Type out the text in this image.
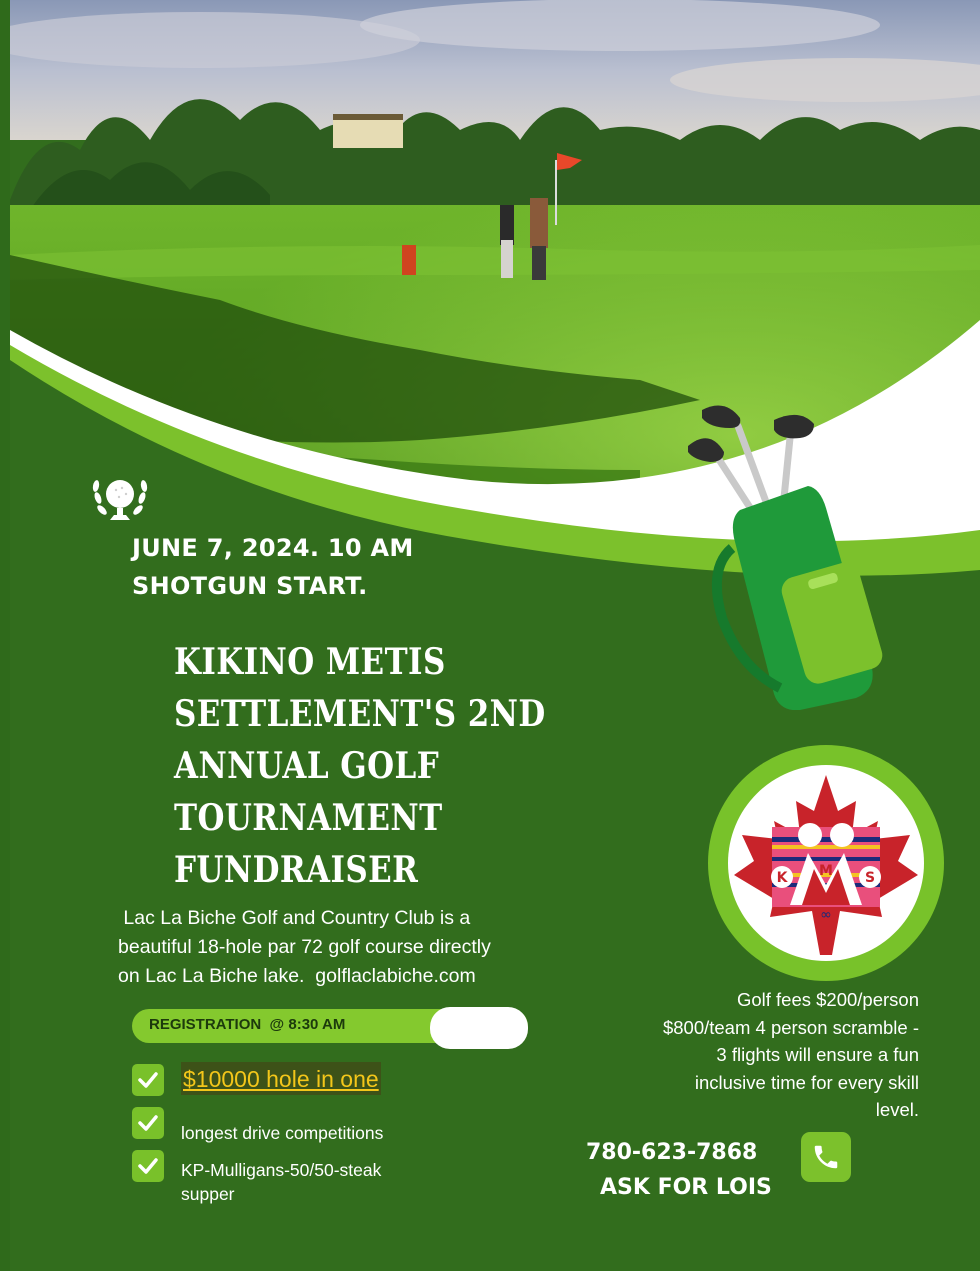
JUNE 7, 2024. 10 AM
SHOTGUN START.
KIKINO METIS
SETTLEMENT'S 2ND
ANNUAL GOLF
TOURNAMENT
FUNDRAISER
Lac La Biche Golf and Country Club is a
beautiful 18-hole par 72 golf course directly
on Lac La Biche lake.  golflaclabiche.com
REGISTRATION  @ 8:30 AM
$10000 hole in one
longest drive competitions
KP-Mulligans-50/50-steak
supper
K M S
∞
Golf fees $200/person
$800/team 4 person scramble -
3 flights will ensure a fun
inclusive time for every skill
level.
780-623-7868
ASK FOR LOIS
